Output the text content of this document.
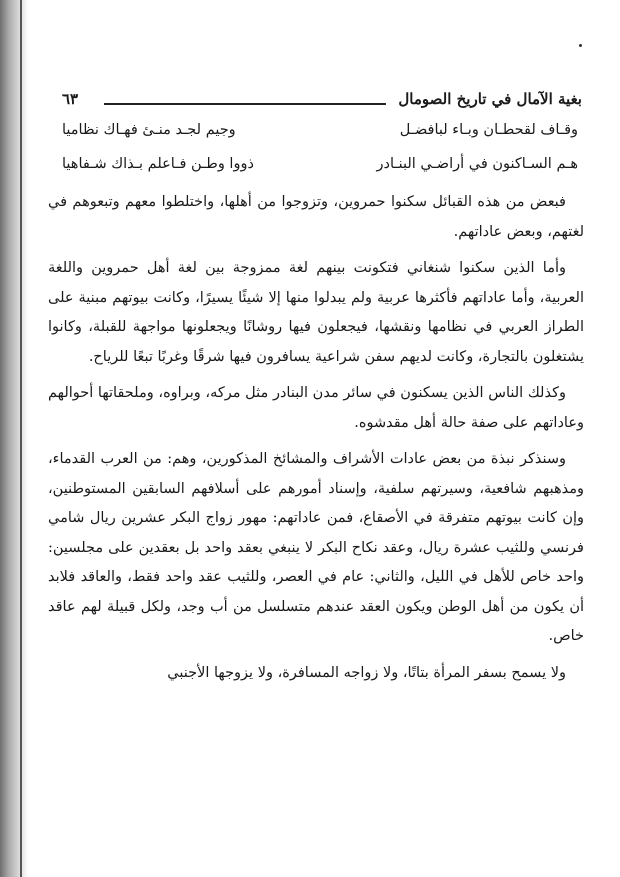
بغية الآمال في تاريخ الصومال
٦٣
وقـاف لقحطـان وبـاء لبافضـل
وجيم لجـد منـىٔ فهـاك نظاميا
هـم السـاكنون في أراضـي البنـادر
ذووا وطـن فـاعلم بـذاك شـفاهيا

فبعض من هذه القبائل سكنوا حمروين، وتزوجوا من أهلها، واختلطوا معهم وتبعوهم في لغتهم، وبعض عاداتهم.

وأما الذين سكنوا شنغاني فتكونت بينهم لغة ممزوجة بين لغة أهل حمروين واللغة العربية، وأما عاداتهم فأكثرها عربية ولم يبدلوا منها إلا شيئًا يسيرًا، وكانت بيوتهم مبنية على الطراز العربي في نظامها ونقشها، فيجعلون فيها روشانًا ويجعلونها مواجهة للقبلة، وكانوا يشتغلون بالتجارة، وكانت لديهم سفن شراعية يسافرون فيها شرقًا وغربًا تبعًا للرياح.

وكذلك الناس الذين يسكنون في سائر مدن البنادر مثل مركه، وبراوه، وملحقاتها أحوالهم وعاداتهم على صفة حالة أهل مقدشوه.

وسنذكر نبذة من بعض عادات الأشراف والمشائخ المذكورين، وهم: من العرب القدماء، ومذهبهم شافعية، وسيرتهم سلفية، وإسناد أمورهم على أسلافهم السابقين المستوطنين، وإن كانت بيوتهم متفرقة في الأصقاع، فمن عاداتهم: مهور زواج البكر عشرين ريال شامي فرنسي وللثيب عشرة ريال، وعقد نكاح البكر لا ينبغي بعقد واحد بل بعقدين على مجلسين: واحد خاص للأهل في الليل، والثاني: عام في العصر، وللثيب عقد واحد فقط، والعاقد فلابد أن يكون من أهل الوطن ويكون العقد عندهم متسلسل من أب وجد، ولكل قبيلة لهم عاقد خاص.

ولا يسمح بسفر المرأة بتاتًا، ولا زواجه المسافرة، ولا يزوجها الأجنبي
